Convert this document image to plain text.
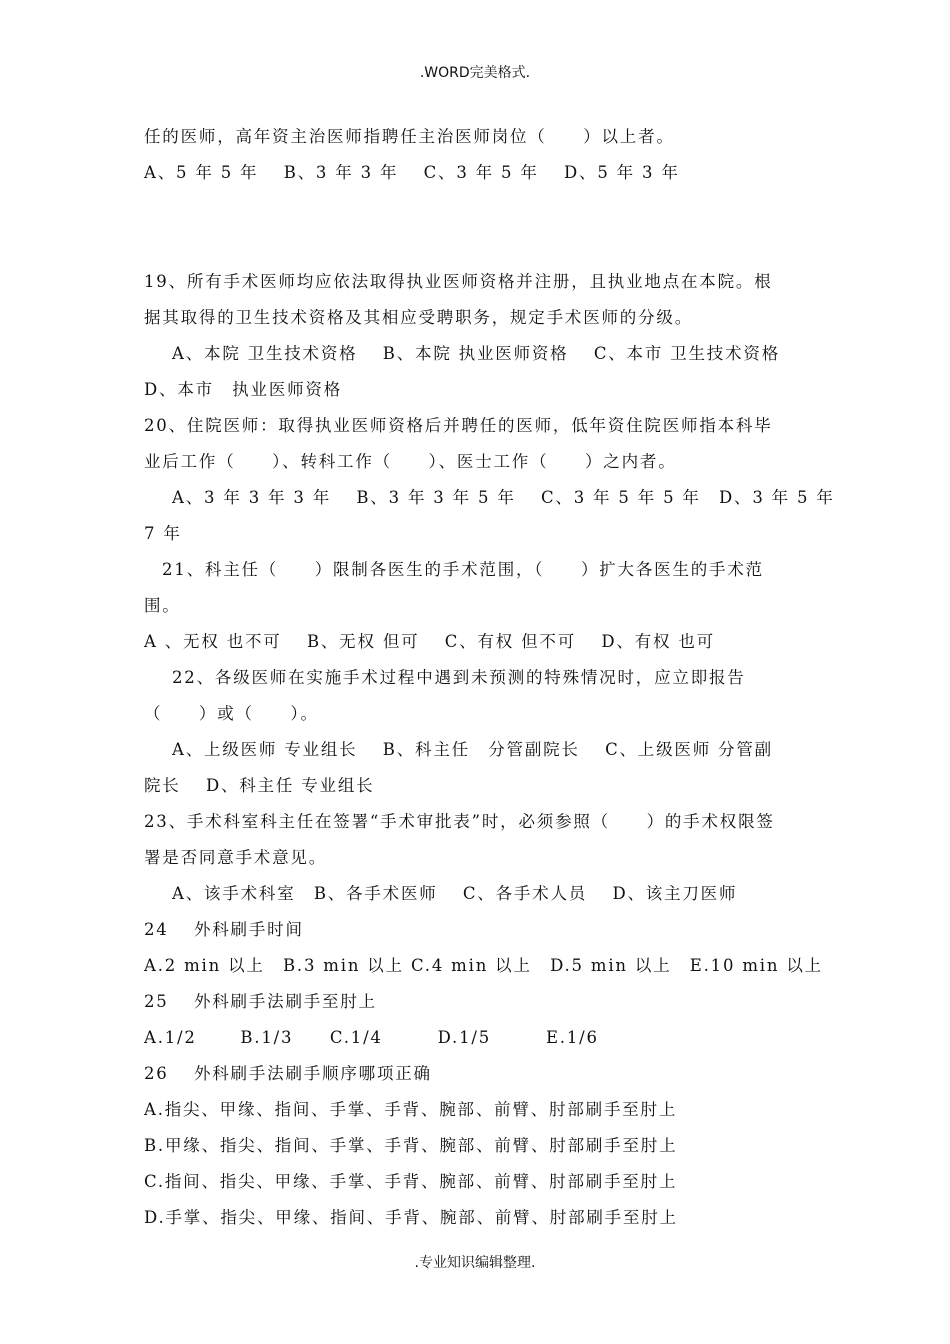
.WORD完美格式.
任的医师，高年资主治医师指聘任主治医师岗位（　　）以上者。
A、5 年 5 年　 B、3 年 3 年　 C、3 年 5 年　 D、5 年 3 年
19、所有手术医师均应依法取得执业医师资格并注册，且执业地点在本院。根
据其取得的卫生技术资格及其相应受聘职务，规定手术医师的分级。
A、本院 卫生技术资格　 B、本院 执业医师资格　 C、本市 卫生技术资格
D、本市　执业医师资格
20、住院医师：取得执业医师资格后并聘任的医师，低年资住院医师指本科毕
业后工作（　　）、转科工作（　　）、医士工作（　　）之内者。
A、3 年 3 年 3 年　 B、3 年 3 年 5 年　 C、3 年 5 年 5 年　D、3 年 5 年
7 年
21、科主任（　　）限制各医生的手术范围，（　　）扩大各医生的手术范
围。
A 、无权 也不可　 B、无权 但可　 C、有权 但不可　 D、有权 也可
22、各级医师在实施手术过程中遇到未预测的特殊情况时，应立即报告
（　　）或（　　）。
A、上级医师 专业组长　 B、科主任　分管副院长　 C、上级医师 分管副
院长　 D、科主任 专业组长
23、手术科室科主任在签署“手术审批表”时，必须参照（　　）的手术权限签
署是否同意手术意见。
A、该手术科室　B、各手术医师　 C、各手术人员　 D、该主刀医师
24　 外科刷手时间
A.2 min 以上　B.3 min 以上 C.4 min 以上　D.5 min 以上　E.10 min 以上
25　 外科刷手法刷手至肘上
A.1/2　　 B.1/3　　C.1/4　　　D.1/5　　　E.1/6
26　 外科刷手法刷手顺序哪项正确
A.指尖、甲缘、指间、手掌、手背、腕部、前臂、肘部刷手至肘上
B.甲缘、指尖、指间、手掌、手背、腕部、前臂、肘部刷手至肘上
C.指间、指尖、甲缘、手掌、手背、腕部、前臂、肘部刷手至肘上
D.手掌、指尖、甲缘、指间、手背、腕部、前臂、肘部刷手至肘上
.专业知识编辑整理.
